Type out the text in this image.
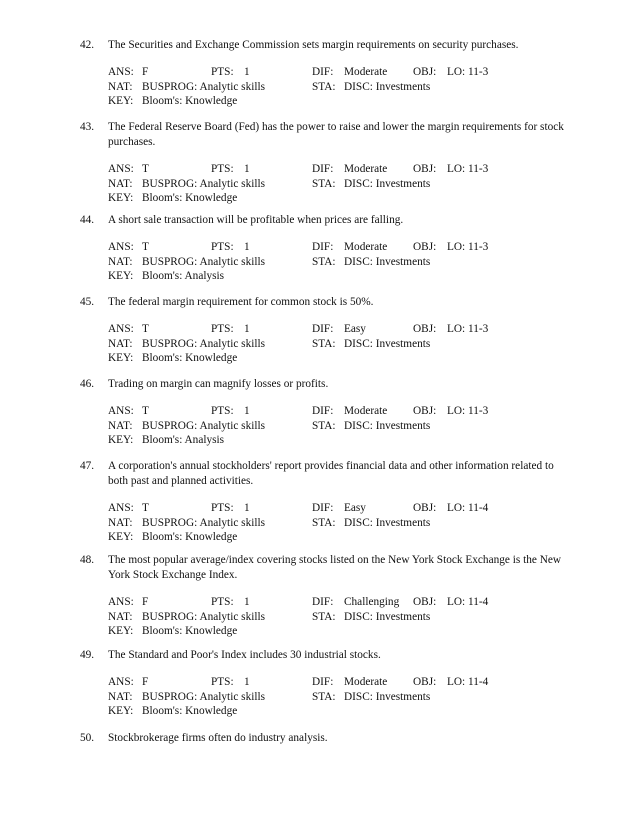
42.	The Securities and Exchange Commission sets margin requirements on security purchases.
ANS: F	PTS: 1	DIF: Moderate OBJ: LO: 11-3
NAT: BUSPROG: Analytic skills	STA: DISC: Investments
KEY: Bloom's: Knowledge
43.	The Federal Reserve Board (Fed) has the power to raise and lower the margin requirements for stock
purchases.
ANS: T	PTS: 1	DIF: Moderate OBJ: LO: 11-3
NAT: BUSPROG: Analytic skills	STA: DISC: Investments
KEY: Bloom's: Knowledge
44.	A short sale transaction will be profitable when prices are falling.
ANS: T	PTS: 1	DIF: Moderate OBJ: LO: 11-3
NAT: BUSPROG: Analytic skills	STA: DISC: Investments
KEY: Bloom's: Analysis
45.	The federal margin requirement for common stock is 50%.
ANS: T	PTS: 1	DIF: Easy	OBJ: LO: 11-3
NAT: BUSPROG: Analytic skills	STA: DISC: Investments
KEY: Bloom's: Knowledge
46.	Trading on margin can magnify losses or profits.
ANS: T	PTS: 1	DIF: Moderate OBJ: LO: 11-3
NAT: BUSPROG: Analytic skills	STA: DISC: Investments
KEY: Bloom's: Analysis
47.	A corporation's annual stockholders' report provides financial data and other information related to
both past and planned activities.
ANS: T	PTS: 1	DIF: Easy	OBJ: LO: 11-4
NAT: BUSPROG: Analytic skills	STA: DISC: Investments
KEY: Bloom's: Knowledge
48.	The most popular average/index covering stocks listed on the New York Stock Exchange is the New
York Stock Exchange Index.
ANS: F	PTS: 1	DIF: Challenging OBJ: LO: 11-4
NAT: BUSPROG: Analytic skills	STA: DISC: Investments
KEY: Bloom's: Knowledge
49.	The Standard and Poor's Index includes 30 industrial stocks.
ANS: F	PTS: 1	DIF: Moderate OBJ: LO: 11-4
NAT: BUSPROG: Analytic skills	STA: DISC: Investments
KEY: Bloom's: Knowledge
50.	Stockbrokerage firms often do industry analysis.
